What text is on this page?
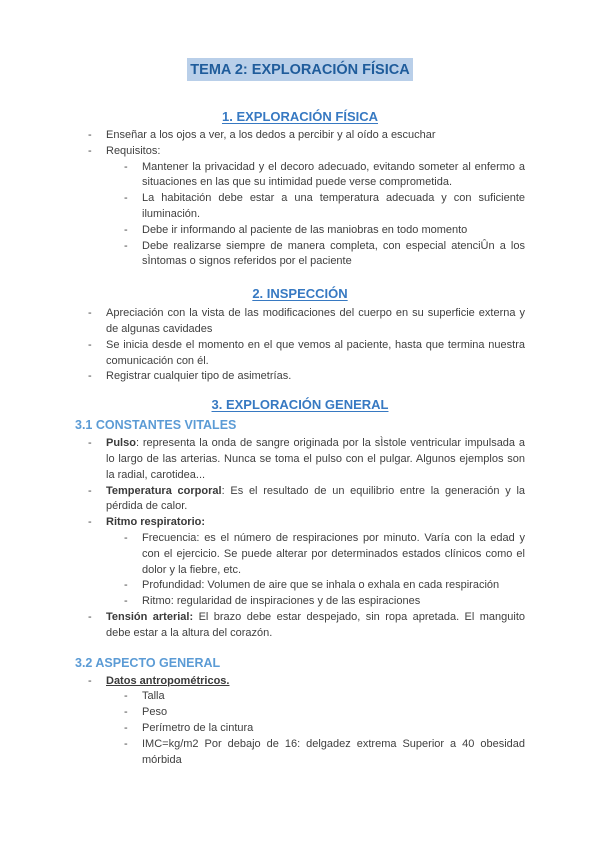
TEMA 2: EXPLORACIÓN FÍSICA
1. EXPLORACIÓN FÍSICA
-	Enseñar a los ojos a ver, a los dedos a percibir y al oído a escuchar
-	Requisitos:
-	Mantener la privacidad y el decoro adecuado, evitando someter al enfermo a situaciones en las que su intimidad puede verse comprometida.
-	La habitación debe estar a una temperatura adecuada y con suficiente iluminación.
-	Debe ir informando al paciente de las maniobras en todo momento
-	Debe realizarse siempre de manera completa, con especial atenciÛn a los sÌntomas o signos referidos por el paciente
2. INSPECCIÓN
-	Apreciación con la vista de las modificaciones del cuerpo en su superficie externa y de algunas cavidades
-	Se inicia desde el momento en el que vemos al paciente, hasta que termina nuestra comunicación con él.
-	Registrar cualquier tipo de asimetrías.
3. EXPLORACIÓN GENERAL
3.1 CONSTANTES VITALES
-	Pulso: representa la onda de sangre originada por la sÌstole ventricular impulsada a lo largo de las arterias. Nunca se toma el pulso con el pulgar. Algunos ejemplos son la radial, carotidea...
-	Temperatura corporal: Es el resultado de un equilibrio entre la generación y la pérdida de calor.
-	Ritmo respiratorio:
-	Frecuencia: es el número de respiraciones por minuto. Varía con la edad y con el ejercicio. Se puede alterar por determinados estados clínicos como el dolor y la fiebre, etc.
-	Profundidad: Volumen de aire que se inhala o exhala en cada respiración
-	Ritmo: regularidad de inspiraciones y de las espiraciones
-	Tensión arterial: El brazo debe estar despejado, sin ropa apretada. El manguito debe estar a la altura del corazón.
3.2 ASPECTO GENERAL
-	Datos antropométricos.
-	Talla
-	Peso
-	Perímetro de la cintura
-	IMC=kg/m2 Por debajo de 16: delgadez extrema Superior a 40 obesidad mórbida
